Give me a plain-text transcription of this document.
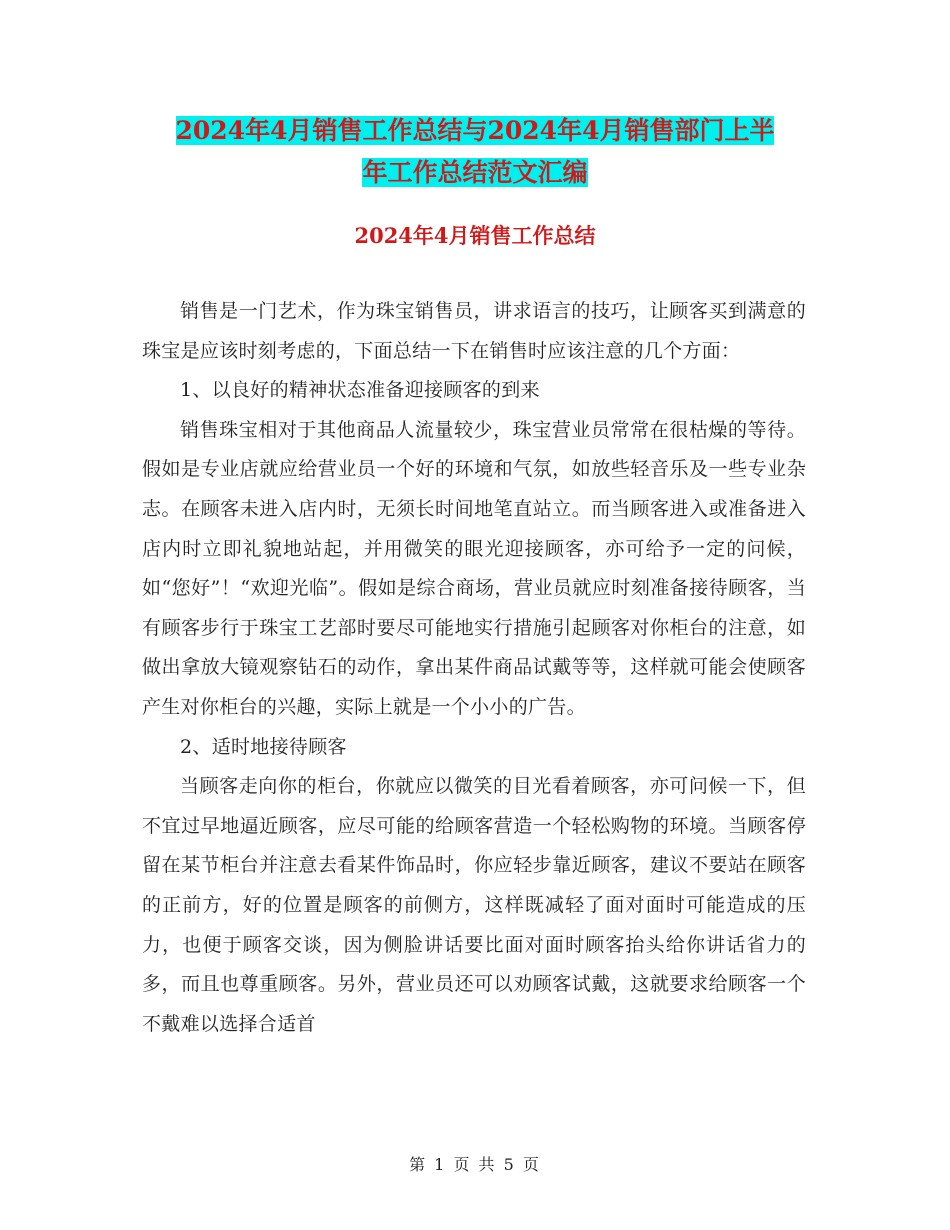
2024年4月销售工作总结与2024年4月销售部门上半
年工作总结范文汇编
2024年4月销售工作总结

销售是一门艺术，作为珠宝销售员，讲求语言的技巧，让顾客买到满意的珠宝是应该时刻考虑的，下面总结一下在销售时应该注意的几个方面：

1、以良好的精神状态准备迎接顾客的到来

销售珠宝相对于其他商品人流量较少，珠宝营业员常常在很枯燥的等待。假如是专业店就应给营业员一个好的环境和气氛，如放些轻音乐及一些专业杂志。在顾客未进入店内时，无须长时间地笔直站立。而当顾客进入或准备进入店内时立即礼貌地站起，并用微笑的眼光迎接顾客，亦可给予一定的问候，如“您好”！“欢迎光临”。假如是综合商场，营业员就应时刻准备接待顾客，当有顾客步行于珠宝工艺部时要尽可能地实行措施引起顾客对你柜台的注意，如做出拿放大镜观察钻石的动作，拿出某件商品试戴等等，这样就可能会使顾客产生对你柜台的兴趣，实际上就是一个小小的广告。

2、适时地接待顾客

当顾客走向你的柜台，你就应以微笑的目光看着顾客，亦可问候一下，但不宜过早地逼近顾客，应尽可能的给顾客营造一个轻松购物的环境。当顾客停留在某节柜台并注意去看某件饰品时，你应轻步靠近顾客，建议不要站在顾客的正前方，好的位置是顾客的前侧方，这样既减轻了面对面时可能造成的压力，也便于顾客交谈，因为侧脸讲话要比面对面时顾客抬头给你讲话省力的多，而且也尊重顾客。另外，营业员还可以劝顾客试戴，这就要求给顾客一个不戴难以选择合适首

第 1 页 共 5 页
